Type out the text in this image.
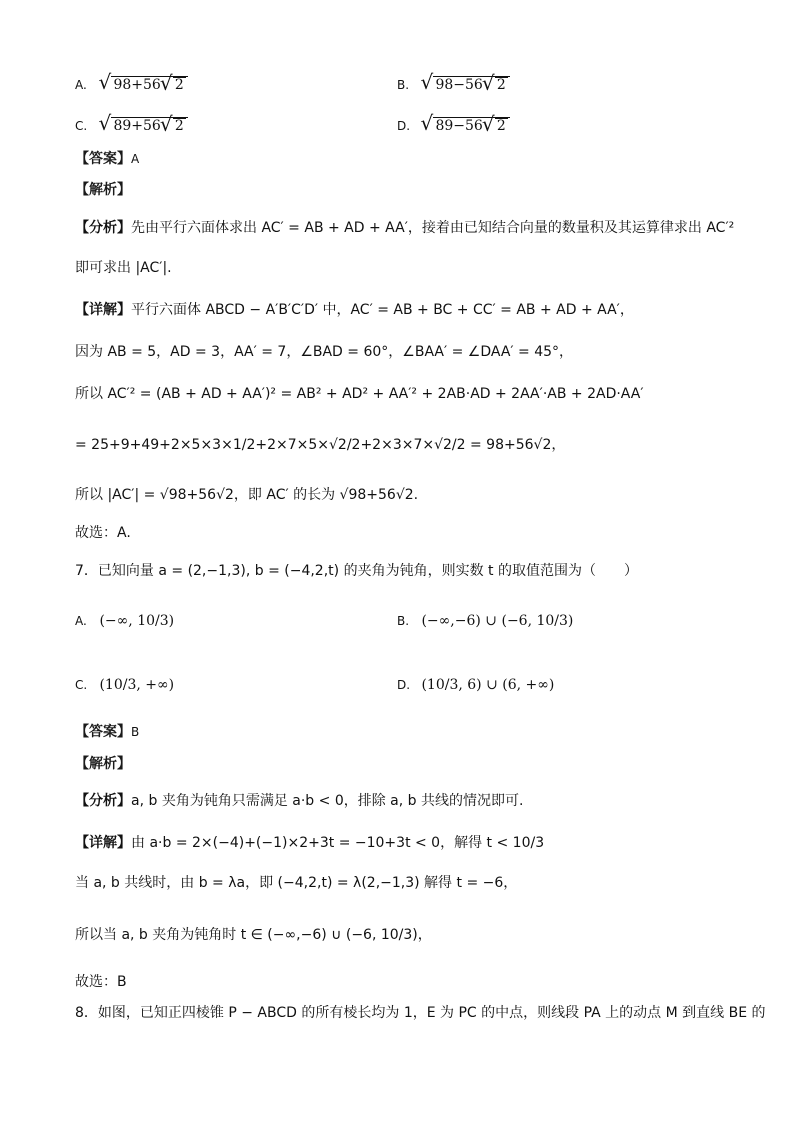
A. √ 98+56 √ 2	B. √ 98−56 √ 2
C. √ 89+56 √ 2	D. √ 89−56 √ 2
【答案】A
【解析】
【分析】先由平行六面体求出 AC′ = AB + AD + AA′，接着由已知结合向量的数量积及其运算律求出 AC′²
即可求出 |AC′|.
【详解】平行六面体 ABCD − A′B′C′D′ 中，AC′ = AB + BC + CC′ = AB + AD + AA′，
因为 AB = 5，AD = 3，AA′ = 7，∠BAD = 60°，∠BAA′ = ∠DAA′ = 45°，
所以 AC′² = (AB + AD + AA′)² = AB² + AD² + AA′² + 2AB·AD + 2AA′·AB + 2AD·AA′
= 25+9+49+2×5×3×1/2+2×7×5×√2/2+2×3×7×√2/2 = 98+56√2，
所以 |AC′| = √98+56√2，即 AC′ 的长为 √98+56√2.
故选：A.
7．已知向量 a = (2,−1,3), b = (−4,2,t) 的夹角为钝角，则实数 t 的取值范围为（　　）
A. (−∞, 10/3)	B. (−∞,−6) ∪ (−6, 10/3)
C. (10/3, +∞)	D. (10/3, 6) ∪ (6, +∞)
【答案】B
【解析】
【分析】a, b 夹角为钝角只需满足 a·b < 0，排除 a, b 共线的情况即可.
【详解】由 a·b = 2×(−4)+(−1)×2+3t = −10+3t < 0，解得 t < 10/3
当 a, b 共线时，由 b = λa，即 (−4,2,t) = λ(2,−1,3) 解得 t = −6，
所以当 a, b 夹角为钝角时 t ∈ (−∞,−6) ∪ (−6, 10/3)，
故选：B
8．如图，已知正四棱锥 P − ABCD 的所有棱长均为 1，E 为 PC 的中点，则线段 PA 上的动点 M 到直线 BE 的
